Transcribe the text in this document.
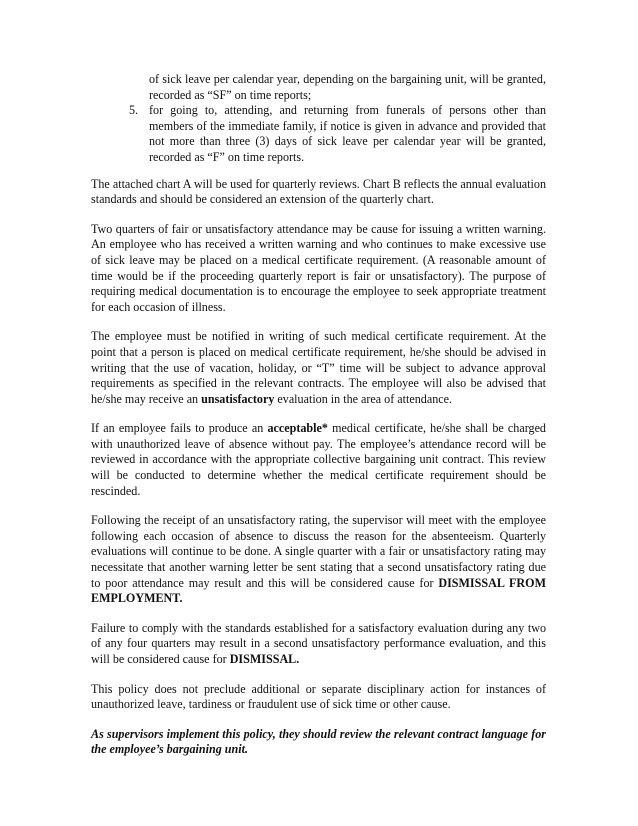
of sick leave per calendar year, depending on the bargaining unit, will be granted, recorded as “SF” on time reports;
5. for going to, attending, and returning from funerals of persons other than members of the immediate family, if notice is given in advance and provided that not more than three (3) days of sick leave per calendar year will be granted, recorded as “F” on time reports.

The attached chart A will be used for quarterly reviews. Chart B reflects the annual evaluation standards and should be considered an extension of the quarterly chart.

Two quarters of fair or unsatisfactory attendance may be cause for issuing a written warning. An employee who has received a written warning and who continues to make excessive use of sick leave may be placed on a medical certificate requirement. (A reasonable amount of time would be if the proceeding quarterly report is fair or unsatisfactory). The purpose of requiring medical documentation is to encourage the employee to seek appropriate treatment for each occasion of illness.

The employee must be notified in writing of such medical certificate requirement. At the point that a person is placed on medical certificate requirement, he/she should be advised in writing that the use of vacation, holiday, or “T” time will be subject to advance approval requirements as specified in the relevant contracts. The employee will also be advised that he/she may receive an unsatisfactory evaluation in the area of attendance.

If an employee fails to produce an acceptable* medical certificate, he/she shall be charged with unauthorized leave of absence without pay. The employee’s attendance record will be reviewed in accordance with the appropriate collective bargaining unit contract. This review will be conducted to determine whether the medical certificate requirement should be rescinded.

Following the receipt of an unsatisfactory rating, the supervisor will meet with the employee following each occasion of absence to discuss the reason for the absenteeism. Quarterly evaluations will continue to be done. A single quarter with a fair or unsatisfactory rating may necessitate that another warning letter be sent stating that a second unsatisfactory rating due to poor attendance may result and this will be considered cause for DISMISSAL FROM EMPLOYMENT.

Failure to comply with the standards established for a satisfactory evaluation during any two of any four quarters may result in a second unsatisfactory performance evaluation, and this will be considered cause for DISMISSAL.

This policy does not preclude additional or separate disciplinary action for instances of unauthorized leave, tardiness or fraudulent use of sick time or other cause.

As supervisors implement this policy, they should review the relevant contract language for the employee’s bargaining unit.
